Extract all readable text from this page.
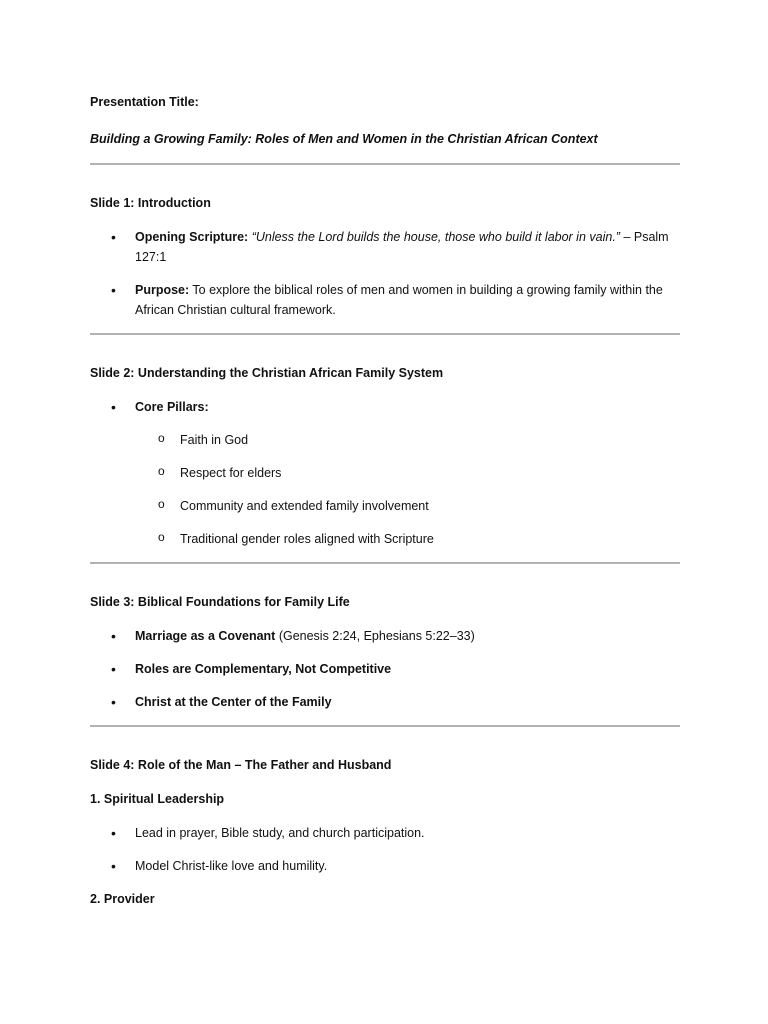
Presentation Title:

Building a Growing Family: Roles of Men and Women in the Christian African Context

Slide 1: Introduction

• Opening Scripture: “Unless the Lord builds the house, those who build it labor in vain.” – Psalm 127:1
• Purpose: To explore the biblical roles of men and women in building a growing family within the African Christian cultural framework.

Slide 2: Understanding the Christian African Family System

• Core Pillars:
o Faith in God
o Respect for elders
o Community and extended family involvement
o Traditional gender roles aligned with Scripture

Slide 3: Biblical Foundations for Family Life

• Marriage as a Covenant (Genesis 2:24, Ephesians 5:22–33)
• Roles are Complementary, Not Competitive
• Christ at the Center of the Family

Slide 4: Role of the Man – The Father and Husband

1. Spiritual Leadership

• Lead in prayer, Bible study, and church participation.
• Model Christ-like love and humility.

2. Provider
